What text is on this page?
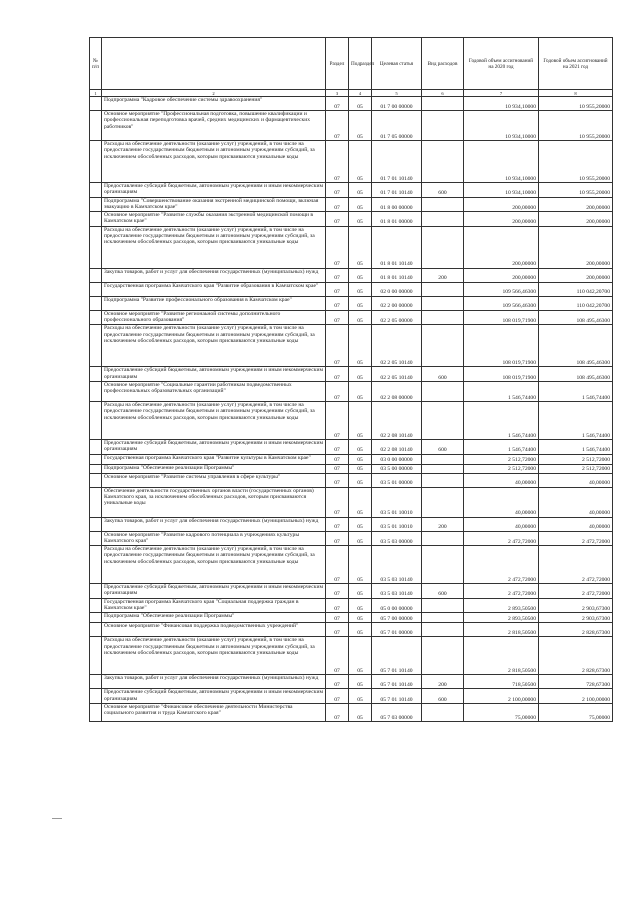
№ п/п		Раздел	Подраздел	Целевая статья	Вид расходов	Годовой объем ассигнований на 2020 год	Годовой объем ассигнований на 2021 год
1	2	3	4	5	6	7	8
	Подпрограмма "Кадровое обеспечение системы здравоохранения"	07	05	01 7 00 00000		10 934,10000	10 955,20000
	Основное мероприятие "Профессиональная подготовка, повышение квалификации и профессиональная переподготовка врачей, средних медицинских и фармацевтических работников"	07	05	01 7 05 00000		10 934,10000	10 955,20000
	Расходы на обеспечение деятельности (оказание услуг) учреждений, в том числе на предоставление государственным бюджетным и автономным учреждениям субсидий, за исключением обособленных расходов, которым присваиваются уникальные коды	07	05	01 7 01 10140		10 934,10000	10 955,20000
	Предоставление субсидий бюджетным, автономным учреждениям и иным некоммерческим организациям	07	05	01 7 01 10140	600	10 934,10000	10 955,20000
	Подпрограмма "Совершенствование оказания экстренной медицинской помощи, включая эвакуацию в Камчатском крае"	07	05	01 8 00 00000		200,00000	200,00000
	Основное мероприятие "Развитие службы оказания экстренной медицинской помощи в Камчатском крае"	07	05	01 8 01 00000		200,00000	200,00000
	Расходы на обеспечение деятельности (оказание услуг) учреждений, в том числе на предоставление государственным бюджетным и автономным учреждениям субсидий, за исключением обособленных расходов, которым присваиваются уникальные коды	07	05	01 8 01 10140		200,00000	200,00000
	Закупка товаров, работ и услуг для обеспечения государственных (муниципальных) нужд	07	05	01 8 01 10140	200	200,00000	200,00000
	Государственная программа Камчатского края "Развитие образования в Камчатском крае"	07	05	02 0 00 00000		109 566,46300	110 042,20700
	Подпрограмма "Развитие профессионального образования в Камчатском крае"	07	05	02 2 00 00000		109 566,46300	110 042,20700
	Основное мероприятие "Развитие регионаьной системы дополнительного профессионального образования"	07	05	02 2 05 00000		108 019,71900	108 495,46300
	Расходы на обеспечение деятельности (оказание услуг) учреждений, в том числе на предоставление государственным бюджетным и автономным учреждениям субсидий, за исключением обособленных расходов, которым присваиваются уникальные коды	07	05	02 2 05 10140		108 019,71900	108 495,46300
	Предоставление субсидий бюджетным, автономным учреждениям и иным некоммерческим организациям	07	05	02 2 05 10140	600	108 019,71900	108 495,46300
	Основное мероприятие "Социальные гарантии работникам подведомственных профессиональных образовательных организаций"	07	05	02 2 08 00000		1 546,74400	1 546,74400
	Расходы на обеспечение деятельности (оказание услуг) учреждений, в том числе на предоставление государственным бюджетным и автономным учреждениям субсидий, за исключением обособленных расходов, которым присваиваются уникальные коды	07	05	02 2 08 10140		1 546,74400	1 546,74400
	Предоставление субсидий бюджетным, автономным учреждениям и иным некоммерческим организациям	07	05	02 2 08 10140	600	1 546,74400	1 546,74400
	Государственная программа Камчатского края "Развитие культуры в Камчатском крае"	07	05	03 0 00 00000		2 512,72000	2 512,72000
	Подпрограмма "Обеспечение реализации Программы"	07	05	03 5 00 00000		2 512,72000	2 512,72000
	Основное мероприятие "Развитие системы управления в сфере культуры"	07	05	03 5 01 00000		40,00000	40,00000
	Обеспечение деятельности государственных органов власти (государственных органов) Камчатского края, за исключением обособленных расходов, которым присваиваются уникальные коды	07	05	03 5 01 10010		40,00000	40,00000
	Закупка товаров, работ и услуг для обеспечения государственных (муниципальных) нужд	07	05	03 5 01 10010	200	40,00000	40,00000
	Основное мероприятие "Развитие кадрового потенциала в учреждениях культуры Камчатского края"	07	05	03 5 03 00000		2 472,72000	2 472,72000
	Расходы на обеспечение деятельности (оказание услуг) учреждений, в том числе на предоставление государственным бюджетным и автономным учреждениям субсидий, за исключением обособленных расходов, которым присваиваются уникальные коды	07	05	03 5 03 10140		2 472,72000	2 472,72000
	Предоставление субсидий бюджетным, автономным учреждениям и иным некоммерческим организациям	07	05	03 5 03 10140	600	2 472,72000	2 472,72000
	Государственная программа Камчатского края "Социальная поддержка граждан в Камчатском крае"	07	05	05 0 00 00000		2 893,50500	2 903,67300
	Подпрограмма "Обеспечение реализации Программы"	07	05	05 7 00 00000		2 893,50500	2 903,67300
	Основное мероприятие "Финансовая поддержка подведомственных учреждений"	07	05	05 7 01 00000		2 818,50500	2 828,67300
	Расходы на обеспечение деятельности (оказание услуг) учреждений, в том числе на предоставление государственным бюджетным и автономным учреждениям субсидий, за исключением обособленных расходов, которым присваиваются уникальные коды	07	05	05 7 01 10140		2 818,50500	2 828,67300
	Закупка товаров, работ и услуг для обеспечения государственных (муниципальных) нужд	07	05	05 7 01 10140	200	718,50500	728,67300
	Предоставление субсидий бюджетным, автономным учреждениям и иным некоммерческим организациям	07	05	05 7 01 10140	600	2 100,00000	2 100,00000
	Основное мероприятие "Финансовое обеспечение деятельности Министерства социального развития и труда Камчатского края"	07	05	05 7 03 00000		75,00000	75,00000
